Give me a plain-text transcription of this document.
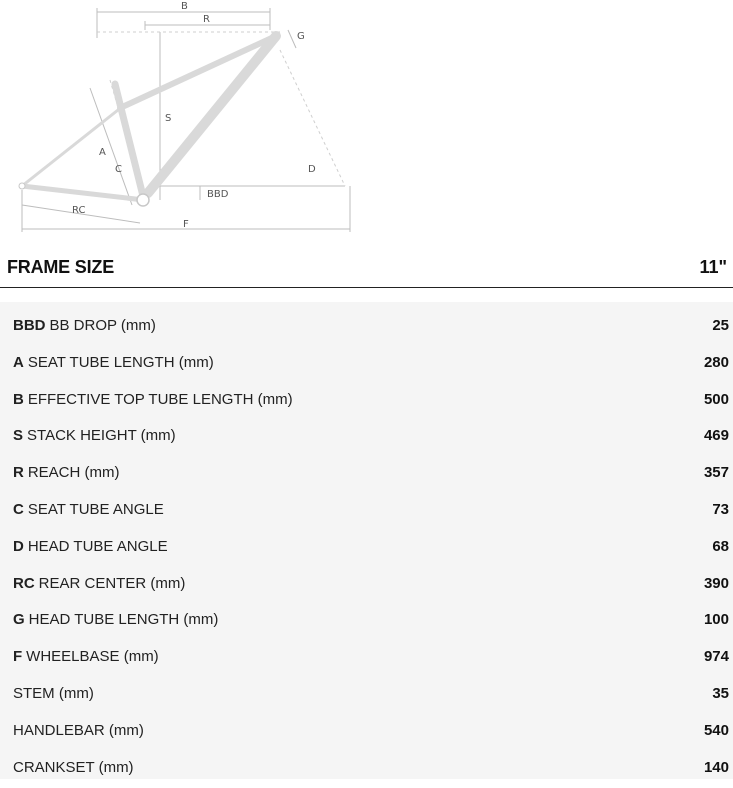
B
R
G
S
A
C	D
BBD
RC
F
FRAME SIZE	11"
BBD BB DROP (mm)	25
A SEAT TUBE LENGTH (mm)	280
B EFFECTIVE TOP TUBE LENGTH (mm)	500
S STACK HEIGHT (mm)	469
R REACH (mm)	357
C SEAT TUBE ANGLE	73
D HEAD TUBE ANGLE	68
RC REAR CENTER (mm)	390
G HEAD TUBE LENGTH (mm)	100
F WHEELBASE (mm)	974
STEM (mm)	35
HANDLEBAR (mm)	540
CRANKSET (mm)	140
